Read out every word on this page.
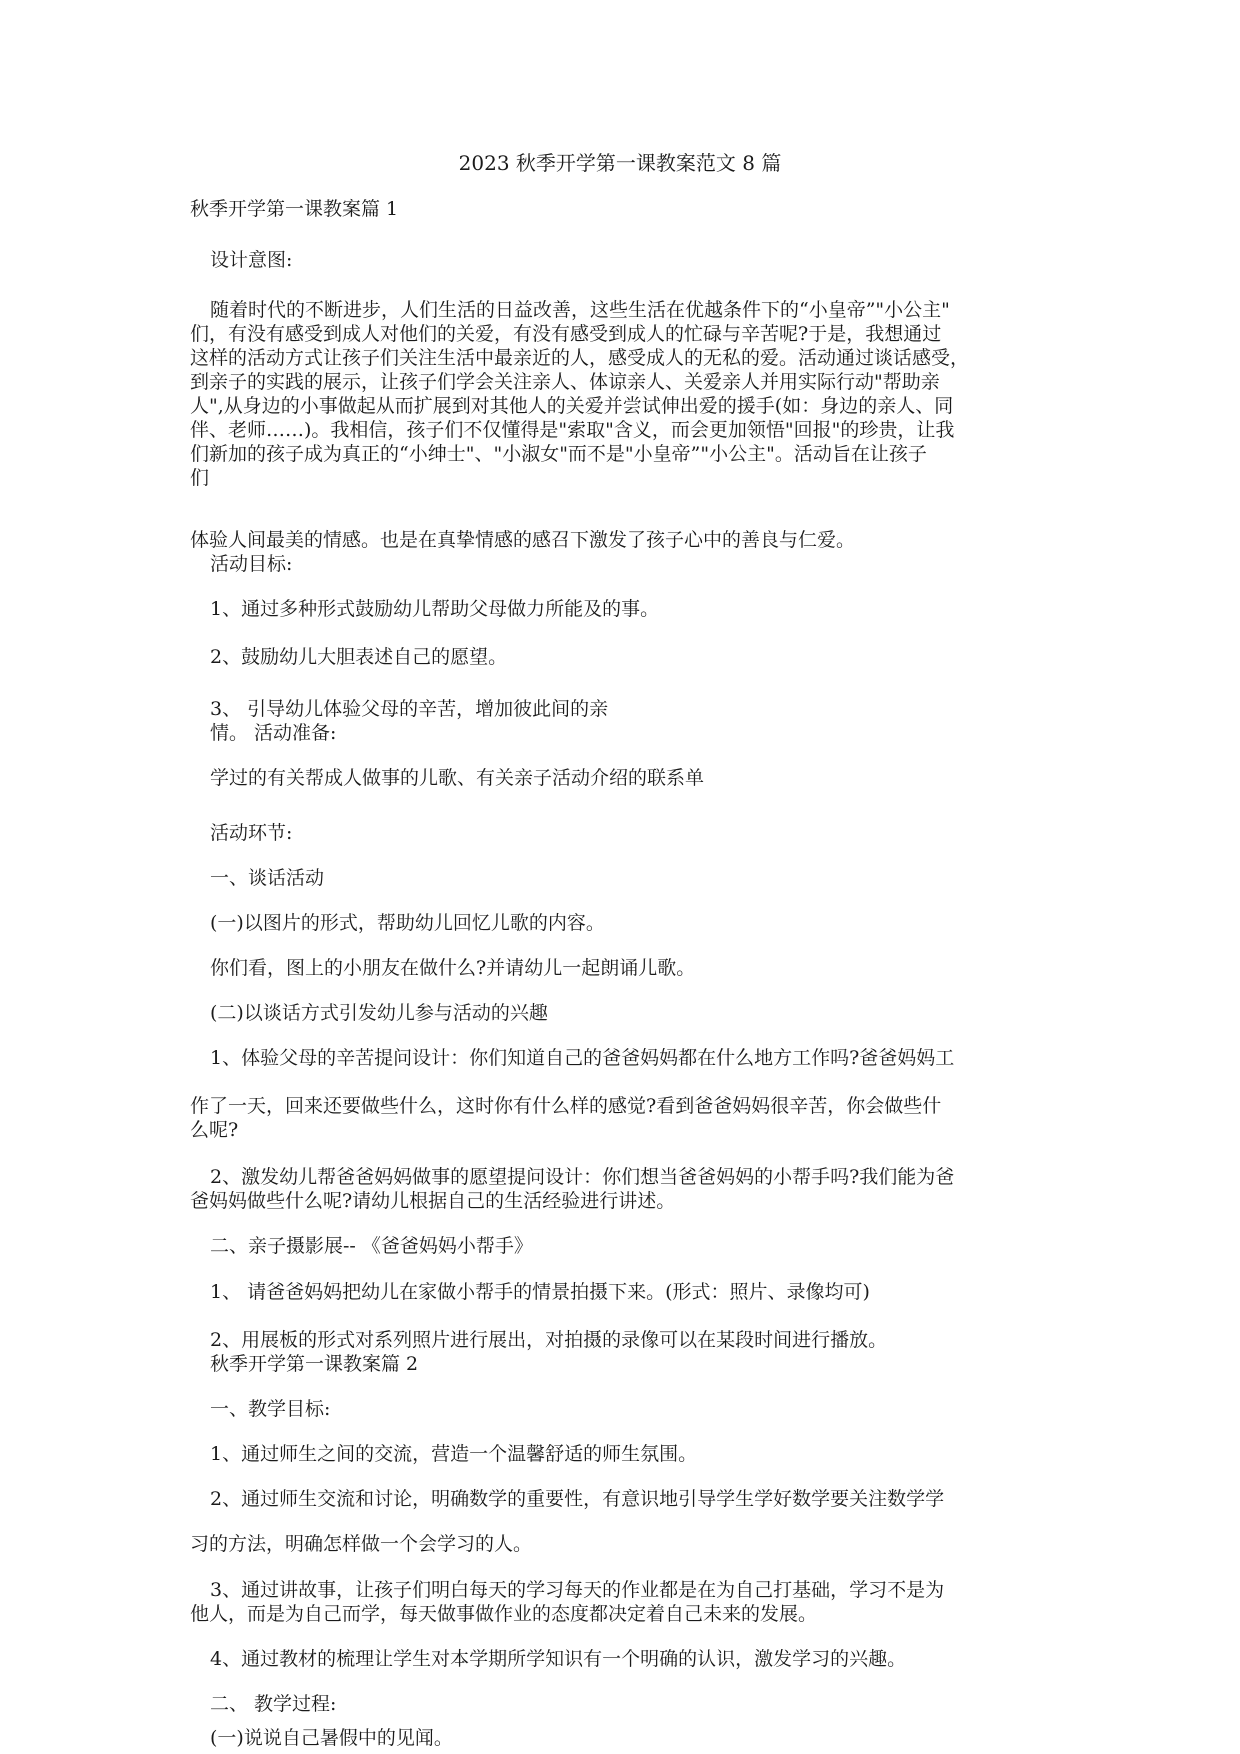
2023 秋季开学第一课教案范文 8 篇
秋季开学第一课教案篇 1
设计意图:
随着时代的不断进步，人们生活的日益改善，这些生活在优越条件下的“小皇帝”"小公主"
们，有没有感受到成人对他们的关爱，有没有感受到成人的忙碌与辛苦呢?于是，我想通过
这样的活动方式让孩子们关注生活中最亲近的人，感受成人的无私的爱。活动通过谈话感受，
到亲子的实践的展示，让孩子们学会关注亲人、体谅亲人、关爱亲人并用实际行动"帮助亲
人",从身边的小事做起从而扩展到对其他人的关爱并尝试伸出爱的援手(如：身边的亲人、同
伴、老师……)。我相信，孩子们不仅懂得是"索取"含义，而会更加领悟"回报"的珍贵，让我
们新加的孩子成为真正的“小绅士"、"小淑女"而不是"小皇帝”"小公主"。活动旨在让孩子
们
体验人间最美的情感。也是在真挚情感的感召下激发了孩子心中的善良与仁爱。
活动目标:
1、通过多种形式鼓励幼儿帮助父母做力所能及的事。
2、鼓励幼儿大胆表述自己的愿望。
3、 引导幼儿体验父母的辛苦，增加彼此间的亲
情。 活动准备:
学过的有关帮成人做事的儿歌、有关亲子活动介绍的联系单
活动环节:
一、谈话活动
(一)以图片的形式，帮助幼儿回忆儿歌的内容。
你们看，图上的小朋友在做什么?并请幼儿一起朗诵儿歌。
(二)以谈话方式引发幼儿参与活动的兴趣
1、体验父母的辛苦提问设计：你们知道自己的爸爸妈妈都在什么地方工作吗?爸爸妈妈工
作了一天，回来还要做些什么，这时你有什么样的感觉?看到爸爸妈妈很辛苦，你会做些什
么呢?
2、激发幼儿帮爸爸妈妈做事的愿望提问设计：你们想当爸爸妈妈的小帮手吗?我们能为爸
爸妈妈做些什么呢?请幼儿根据自己的生活经验进行讲述。
二、亲子摄影展-- 《爸爸妈妈小帮手》
1、 请爸爸妈妈把幼儿在家做小帮手的情景拍摄下来。(形式：照片、录像均可)
2、用展板的形式对系列照片进行展出，对拍摄的录像可以在某段时间进行播放。
秋季开学第一课教案篇 2
一、教学目标:
1、通过师生之间的交流，营造一个温馨舒适的师生氛围。
2、通过师生交流和讨论，明确数学的重要性，有意识地引导学生学好数学要关注数学学
习的方法，明确怎样做一个会学习的人。
3、通过讲故事，让孩子们明白每天的学习每天的作业都是在为自己打基础，学习不是为
他人，而是为自己而学，每天做事做作业的态度都决定着自己未来的发展。
4、通过教材的梳理让学生对本学期所学知识有一个明确的认识，激发学习的兴趣。
二、 教学过程:
(一)说说自己暑假中的见闻。
